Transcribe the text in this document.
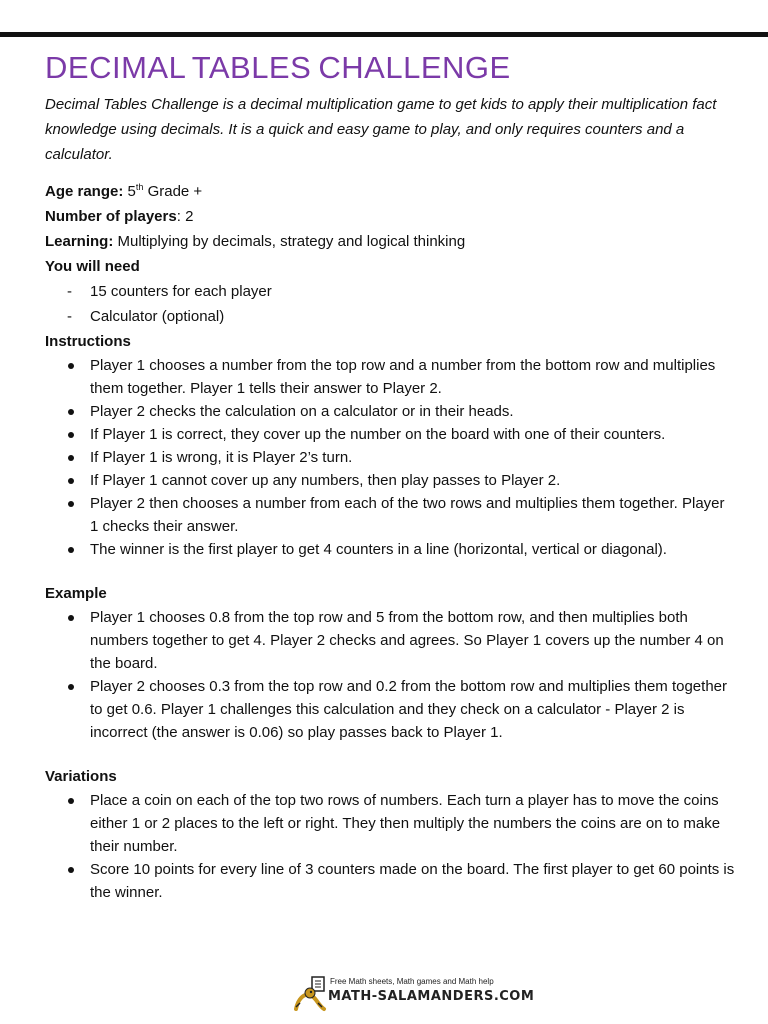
DECIMAL TABLES CHALLENGE
Decimal Tables Challenge is a decimal multiplication game to get kids to apply their multiplication fact knowledge using decimals. It is a quick and easy game to play, and only requires counters and a calculator.
Age range: 5th Grade +
Number of players: 2
Learning: Multiplying by decimals, strategy and logical thinking
You will need
- 15 counters for each player
- Calculator (optional)
Instructions
Player 1 chooses a number from the top row and a number from the bottom row and multiplies them together. Player 1 tells their answer to Player 2.
Player 2 checks the calculation on a calculator or in their heads.
If Player 1 is correct, they cover up the number on the board with one of their counters.
If Player 1 is wrong, it is Player 2’s turn.
If Player 1 cannot cover up any numbers, then play passes to Player 2.
Player 2 then chooses a number from each of the two rows and multiplies them together. Player 1 checks their answer.
The winner is the first player to get 4 counters in a line (horizontal, vertical or diagonal).
Example
Player 1 chooses 0.8 from the top row and 5 from the bottom row, and then multiplies both numbers together to get 4. Player 2 checks and agrees. So Player 1 covers up the number 4 on the board.
Player 2 chooses 0.3 from the top row and 0.2 from the bottom row and multiplies them together to get 0.6. Player 1 challenges this calculation and they check on a calculator - Player 2 is incorrect (the answer is 0.06) so play passes back to Player 1.
Variations
Place a coin on each of the top two rows of numbers. Each turn a player has to move the coins either 1 or 2 places to the left or right. They then multiply the numbers the coins are on to make their number.
Score 10 points for every line of 3 counters made on the board. The first player to get 60 points is the winner.
Free Math sheets, Math games and Math help
MATH-SALAMANDERS.COM
